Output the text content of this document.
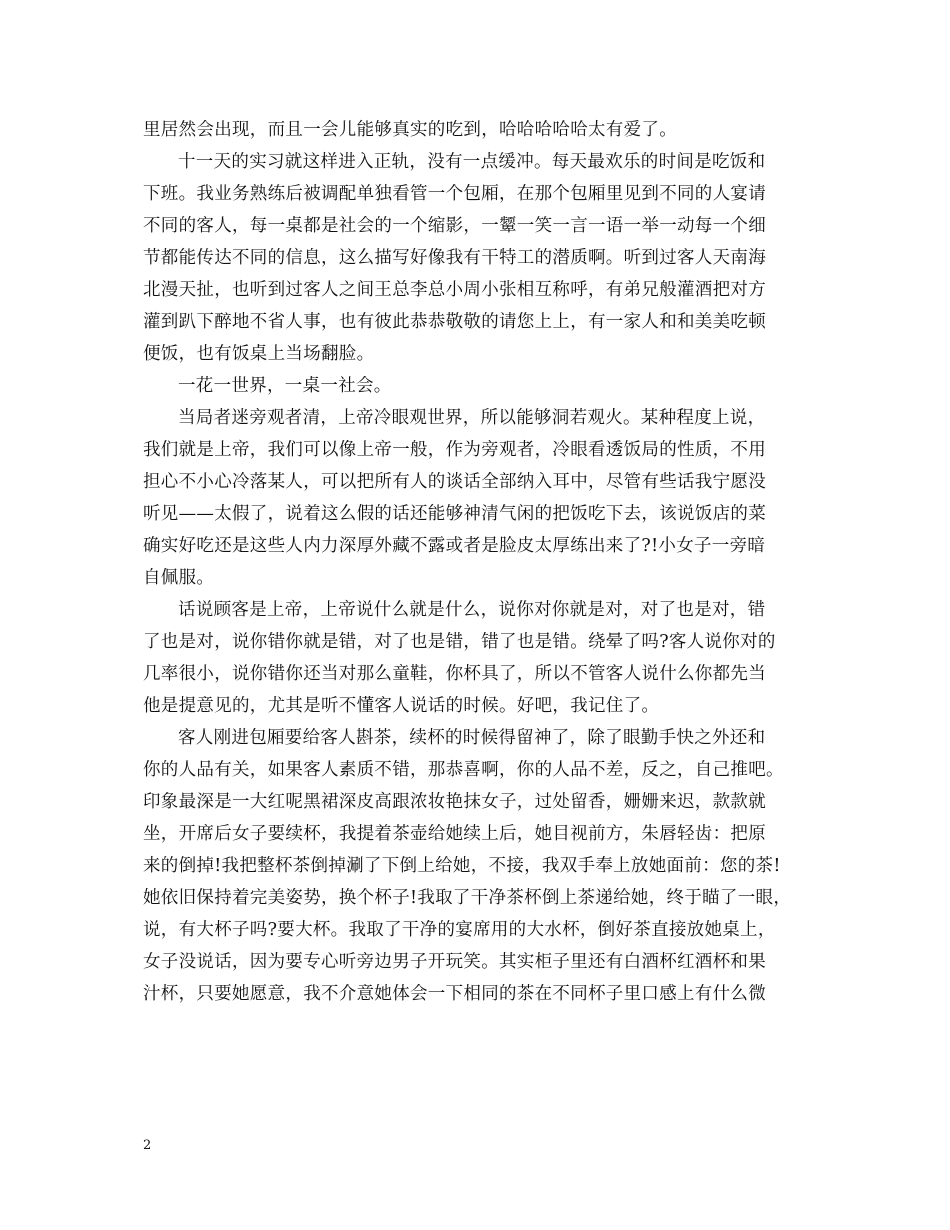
里居然会出现，而且一会儿能够真实的吃到，哈哈哈哈哈太有爱了。
十一天的实习就这样进入正轨，没有一点缓冲。每天最欢乐的时间是吃饭和
下班。我业务熟练后被调配单独看管一个包厢，在那个包厢里见到不同的人宴请
不同的客人，每一桌都是社会的一个缩影，一颦一笑一言一语一举一动每一个细
节都能传达不同的信息，这么描写好像我有干特工的潜质啊。听到过客人天南海
北漫天扯，也听到过客人之间王总李总小周小张相互称呼，有弟兄般灌酒把对方
灌到趴下醉地不省人事，也有彼此恭恭敬敬的请您上上，有一家人和和美美吃顿
便饭，也有饭桌上当场翻脸。
一花一世界，一桌一社会。
当局者迷旁观者清，上帝冷眼观世界，所以能够洞若观火。某种程度上说，
我们就是上帝，我们可以像上帝一般，作为旁观者，冷眼看透饭局的性质，不用
担心不小心冷落某人，可以把所有人的谈话全部纳入耳中，尽管有些话我宁愿没
听见——太假了，说着这么假的话还能够神清气闲的把饭吃下去，该说饭店的菜
确实好吃还是这些人内力深厚外藏不露或者是脸皮太厚练出来了?!小女子一旁暗
自佩服。
话说顾客是上帝，上帝说什么就是什么，说你对你就是对，对了也是对，错
了也是对，说你错你就是错，对了也是错，错了也是错。绕晕了吗?客人说你对的
几率很小，说你错你还当对那么童鞋，你杯具了，所以不管客人说什么你都先当
他是提意见的，尤其是听不懂客人说话的时候。好吧，我记住了。
客人刚进包厢要给客人斟茶，续杯的时候得留神了，除了眼勤手快之外还和
你的人品有关，如果客人素质不错，那恭喜啊，你的人品不差，反之，自己推吧。
印象最深是一大红呢黑裙深皮高跟浓妆艳抹女子，过处留香，姗姗来迟，款款就
坐，开席后女子要续杯，我提着茶壶给她续上后，她目视前方，朱唇轻齿：把原
来的倒掉!我把整杯茶倒掉涮了下倒上给她，不接，我双手奉上放她面前：您的茶!
她依旧保持着完美姿势，换个杯子!我取了干净茶杯倒上茶递给她，终于瞄了一眼，
说，有大杯子吗?要大杯。我取了干净的宴席用的大水杯，倒好茶直接放她桌上，
女子没说话，因为要专心听旁边男子开玩笑。其实柜子里还有白酒杯红酒杯和果
汁杯，只要她愿意，我不介意她体会一下相同的茶在不同杯子里口感上有什么微
2
